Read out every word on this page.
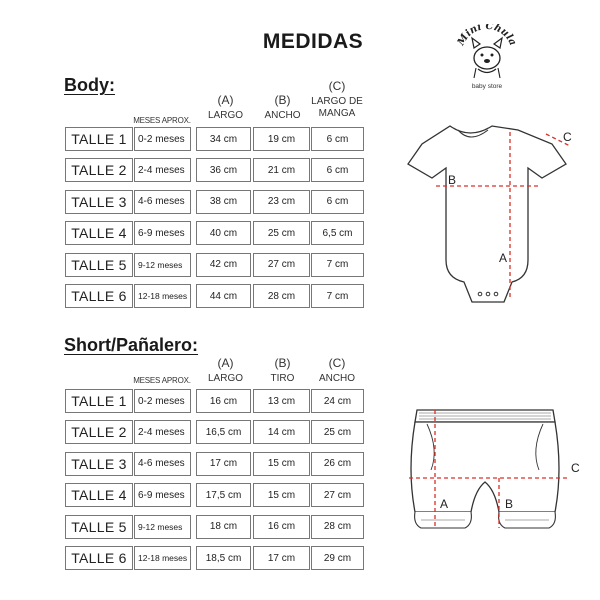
MEDIDAS	Mini Chula
baby store
Body:
MESES APROX.
(A)
LARGO
(B)
ANCHO
(C)
LARGO DE MANGA
TALLE 1	0-2 meses	34 cm	19 cm	6 cm
TALLE 2	2-4 meses	36 cm	21 cm	6 cm
TALLE 3	4-6 meses	38 cm	23 cm	6 cm
TALLE 4	6-9 meses	40 cm	25 cm	6,5 cm
TALLE 5	9-12 meses	42 cm	27 cm	7 cm
TALLE 6	12-18 meses	44 cm	28 cm	7 cm
B
A
C
Short/Pañalero:
MESES APROX.
(A)
LARGO
(B)
TIRO
(C)
ANCHO
TALLE 1	0-2 meses	16 cm	13 cm	24 cm
TALLE 2	2-4 meses	16,5 cm	14 cm	25 cm
TALLE 3	4-6 meses	17 cm	15 cm	26 cm
TALLE 4	6-9 meses	17,5 cm	15 cm	27 cm
TALLE 5	9-12 meses	18 cm	16 cm	28 cm
TALLE 6	12-18 meses	18,5 cm	17 cm	29 cm
A	B
C
